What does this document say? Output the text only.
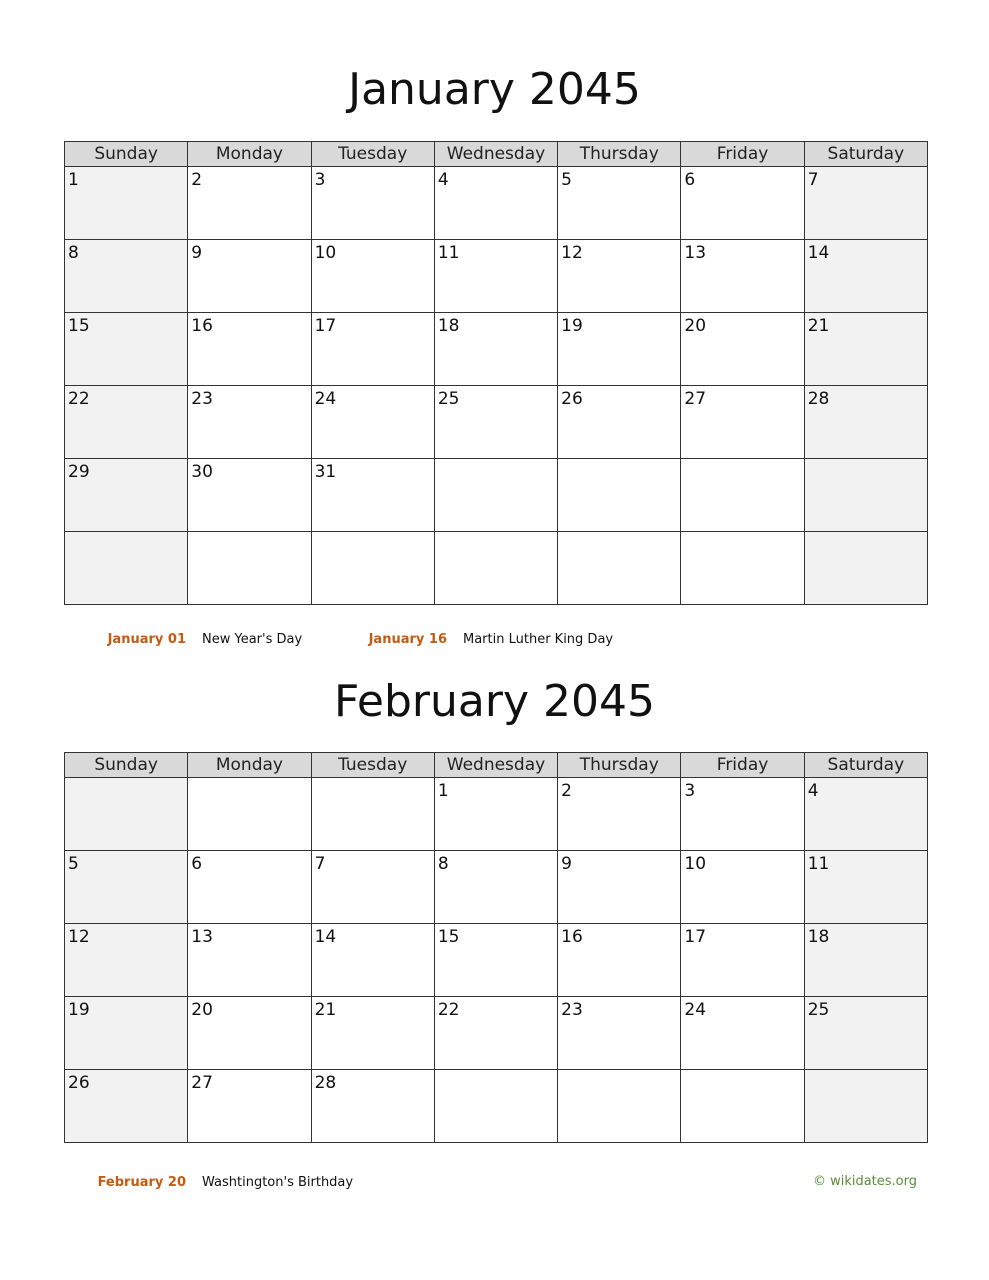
January 2045
Sunday	Monday	Tuesday	Wednesday	Thursday	Friday	Saturday

1	2	3	4	5	6	7

8	9	10	11	12	13	14

15	16	17	18	19	20	21

22	23	24	25	26	27	28

29	30	31				

January 01 New Year's Day	January 16 Martin Luther King Day
February 2045
Sunday	Monday	Tuesday	Wednesday	Thursday	Friday	Saturday

			1	2	3	4

5	6	7	8	9	10	11

12	13	14	15	16	17	18

19	20	21	22	23	24	25

26	27	28				

February 20 Washtington's Birthday	© wikidates.org
